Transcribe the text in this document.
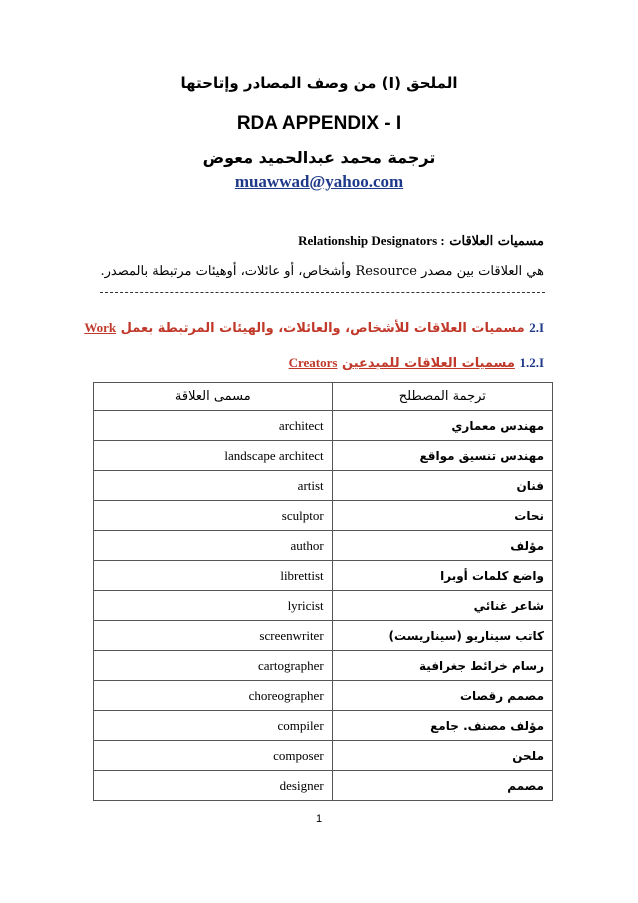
الملحق (I) من وصف المصادر وإتاحتها
RDA APPENDIX - I
ترجمة محمد عبدالحميد معوض
muawwad@yahoo.com
مسميات العلاقات Relationship Designators :
هي العلاقات بين مصدر Resource وأشخاص، أو عائلات، أوهيئات مرتبطة بالمصدر.
2.I مسميات العلاقات للأشخاص، والعائلات، والهيئات المرتبطة بعمل Work
1.2.I مسميات العلاقات للمبدعين Creators
مسمى العلاقة	ترجمة المصطلح
architect	مهندس معماري
landscape architect	مهندس تنسيق مواقع
artist	فنان
sculptor	نحات
author	مؤلف
librettist	واضع كلمات أوبرا
lyricist	شاعر غنائي
screenwriter	كاتب سيناريو (سيناريست)
cartographer	رسام خرائط جغرافية
choreographer	مصمم رقصات
compiler	مؤلف مصنف. جامع
composer	ملحن
designer	مصمم
1
